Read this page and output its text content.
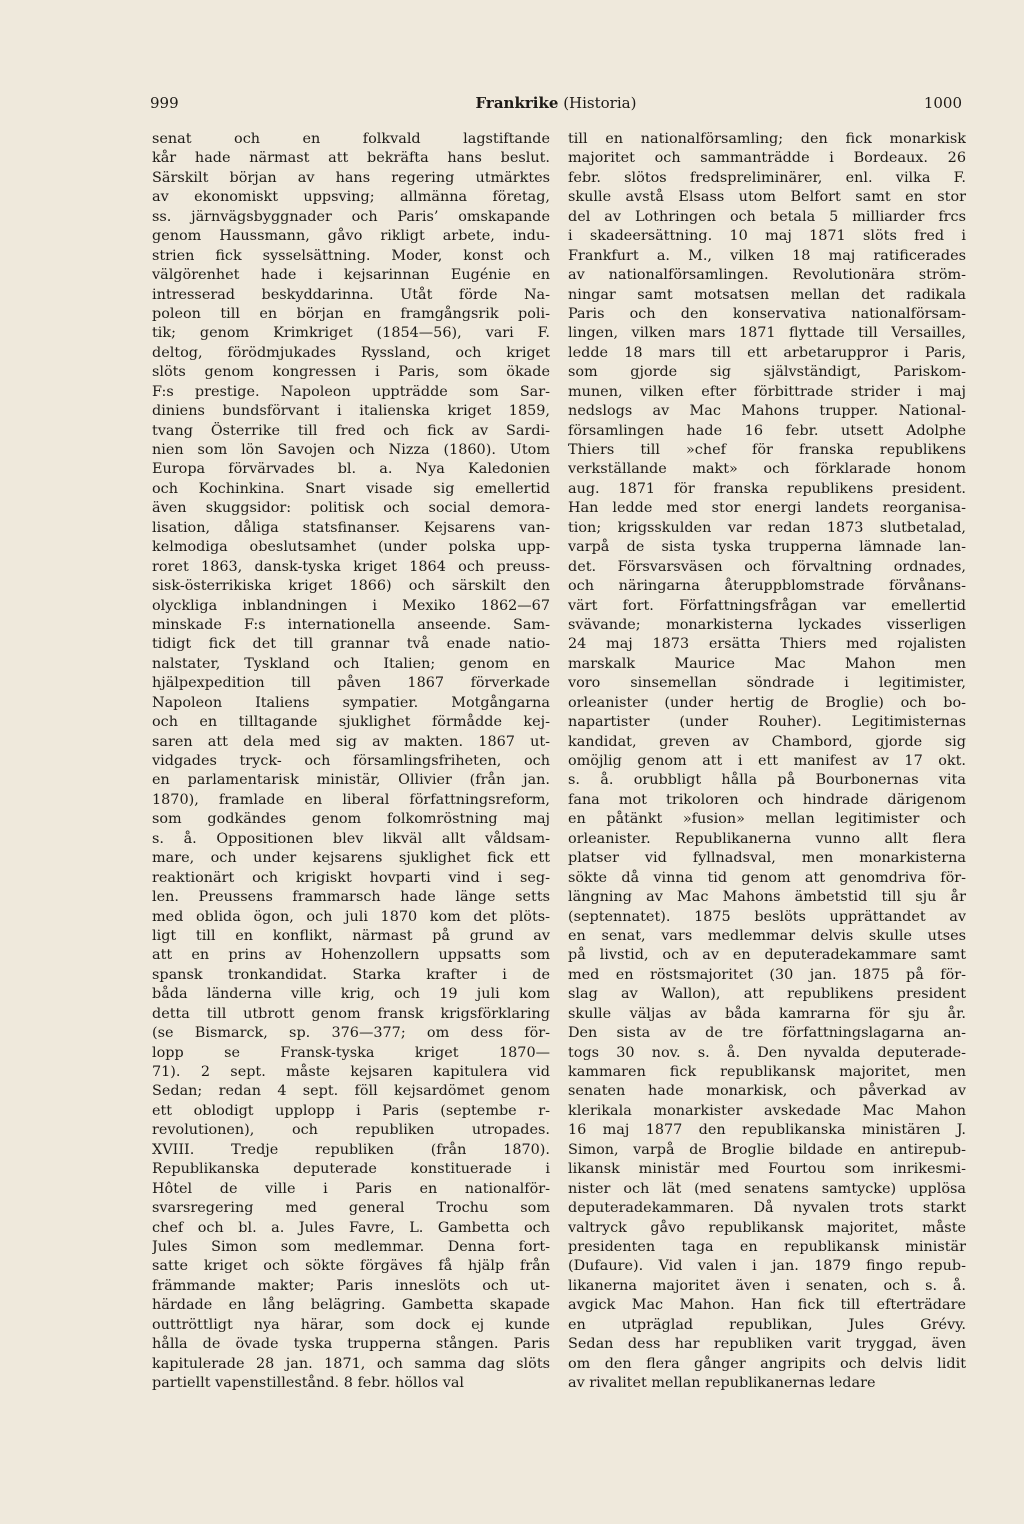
999	Frankrike (Historia)	1000
senat och en folkvald lagstiftande
kår hade närmast att bekräfta hans beslut.
Särskilt början av hans regering utmärktes
av ekonomiskt uppsving; allmänna företag,
ss. järnvägsbyggnader och Paris’ omskapande
genom Haussmann, gåvo rikligt arbete, indu-
strien fick sysselsättning. Moder, konst och
välgörenhet hade i kejsarinnan Eugénie en
intresserad beskyddarinna. Utåt förde Na-
poleon till en början en framgångsrik poli-
tik; genom Krimkriget (1854—56), vari F.
deltog, förödmjukades Ryssland, och kriget
slöts genom kongressen i Paris, som ökade
F:s prestige. Napoleon uppträdde som Sar-
diniens bundsförvant i italienska kriget 1859,
tvang Österrike till fred och fick av Sardi-
nien som lön Savojen och Nizza (1860). Utom
Europa förvärvades bl. a. Nya Kaledonien
och Kochinkina. Snart visade sig emellertid
även skuggsidor: politisk och social demora-
lisation, dåliga statsfinanser. Kejsarens van-
kelmodiga obeslutsamhet (under polska upp-
roret 1863, dansk-tyska kriget 1864 och preuss-
sisk-österrikiska kriget 1866) och särskilt den
olyckliga inblandningen i Mexiko 1862—67
minskade F:s internationella anseende. Sam-
tidigt fick det till grannar två enade natio-
nalstater, Tyskland och Italien; genom en
hjälpexpedition till påven 1867 förverkade
Napoleon Italiens sympatier. Motgångarna
och en tilltagande sjuklighet förmådde kej-
saren att dela med sig av makten. 1867 ut-
vidgades tryck- och församlingsfriheten, och
en parlamentarisk ministär, Ollivier (från jan.
1870), framlade en liberal författningsreform,
som godkändes genom folkomröstning maj
s. å. Oppositionen blev likväl allt våldsam-
mare, och under kejsarens sjuklighet fick ett
reaktionärt och krigiskt hovparti vind i seg-
len. Preussens frammarsch hade länge setts
med oblida ögon, och juli 1870 kom det plöts-
ligt till en konflikt, närmast på grund av
att en prins av Hohenzollern uppsatts som
spansk tronkandidat. Starka krafter i de
båda länderna ville krig, och 19 juli kom
detta till utbrott genom fransk krigsförklaring
(se Bismarck, sp. 376—377; om dess för-
lopp se Fransk-tyska kriget 1870—
71). 2 sept. måste kejsaren kapitulera vid
Sedan; redan 4 sept. föll kejsardömet genom
ett oblodigt upplopp i Paris (septembe r-
revolutionen), och republiken utropades.
XVIII. Tredje republiken (från 1870).
Republikanska deputerade konstituerade i
Hôtel de ville i Paris en nationalför-
svarsregering med general Trochu som
chef och bl. a. Jules Favre, L. Gambetta och
Jules Simon som medlemmar. Denna fort-
satte kriget och sökte förgäves få hjälp från
främmande makter; Paris inneslöts och ut-
härdade en lång belägring. Gambetta skapade
outtröttligt nya härar, som dock ej kunde
hålla de övade tyska trupperna stången. Paris
kapitulerade 28 jan. 1871, och samma dag slöts
partiellt vapenstillestånd. 8 febr. höllos val
till en nationalförsamling; den fick monarkisk
majoritet och sammanträdde i Bordeaux. 26
febr. slötos fredspreliminärer, enl. vilka F.
skulle avstå Elsass utom Belfort samt en stor
del av Lothringen och betala 5 milliarder frcs
i skadeersättning. 10 maj 1871 slöts fred i
Frankfurt a. M., vilken 18 maj ratificerades
av nationalförsamlingen. Revolutionära ström-
ningar samt motsatsen mellan det radikala
Paris och den konservativa nationalförsam-
lingen, vilken mars 1871 flyttade till Versailles,
ledde 18 mars till ett arbetaruppror i Paris,
som gjorde sig självständigt, Pariskom-
munen, vilken efter förbittrade strider i maj
nedslogs av Mac Mahons trupper. National-
församlingen hade 16 febr. utsett Adolphe
Thiers till »chef för franska republikens
verkställande makt» och förklarade honom
aug. 1871 för franska republikens president.
Han ledde med stor energi landets reorganisa-
tion; krigsskulden var redan 1873 slutbetalad,
varpå de sista tyska trupperna lämnade lan-
det. Försvarsväsen och förvaltning ordnades,
och näringarna återuppblomstrade förvånans-
värt fort. Författningsfrågan var emellertid
svävande; monarkisterna lyckades visserligen
24 maj 1873 ersätta Thiers med rojalisten
marskalk Maurice Mac Mahon men
voro sinsemellan söndrade i legitimister,
orleanister (under hertig de Broglie) och bo-
napartister (under Rouher). Legitimisternas
kandidat, greven av Chambord, gjorde sig
omöjlig genom att i ett manifest av 17 okt.
s. å. orubbligt hålla på Bourbonernas vita
fana mot trikoloren och hindrade därigenom
en påtänkt »fusion» mellan legitimister och
orleanister. Republikanerna vunno allt flera
platser vid fyllnadsval, men monarkisterna
sökte då vinna tid genom att genomdriva för-
längning av Mac Mahons ämbetstid till sju år
(septennatet). 1875 beslöts upprättandet av
en senat, vars medlemmar delvis skulle utses
på livstid, och av en deputeradekammare samt
med en röstsmajoritet (30 jan. 1875 på för-
slag av Wallon), att republikens president
skulle väljas av båda kamrarna för sju år.
Den sista av de tre författningslagarna an-
togs 30 nov. s. å. Den nyvalda deputerade-
kammaren fick republikansk majoritet, men
senaten hade monarkisk, och påverkad av
klerikala monarkister avskedade Mac Mahon
16 maj 1877 den republikanska ministären J.
Simon, varpå de Broglie bildade en antirepub-
likansk ministär med Fourtou som inrikesmi-
nister och lät (med senatens samtycke) upplösa
deputeradekammaren. Då nyvalen trots starkt
valtryck gåvo republikansk majoritet, måste
presidenten taga en republikansk ministär
(Dufaure). Vid valen i jan. 1879 fingo repub-
likanerna majoritet även i senaten, och s. å.
avgick Mac Mahon. Han fick till efterträdare
en utpräglad republikan, Jules Grévy.
Sedan dess har republiken varit tryggad, även
om den flera gånger angripits och delvis lidit
av rivalitet mellan republikanernas ledare
